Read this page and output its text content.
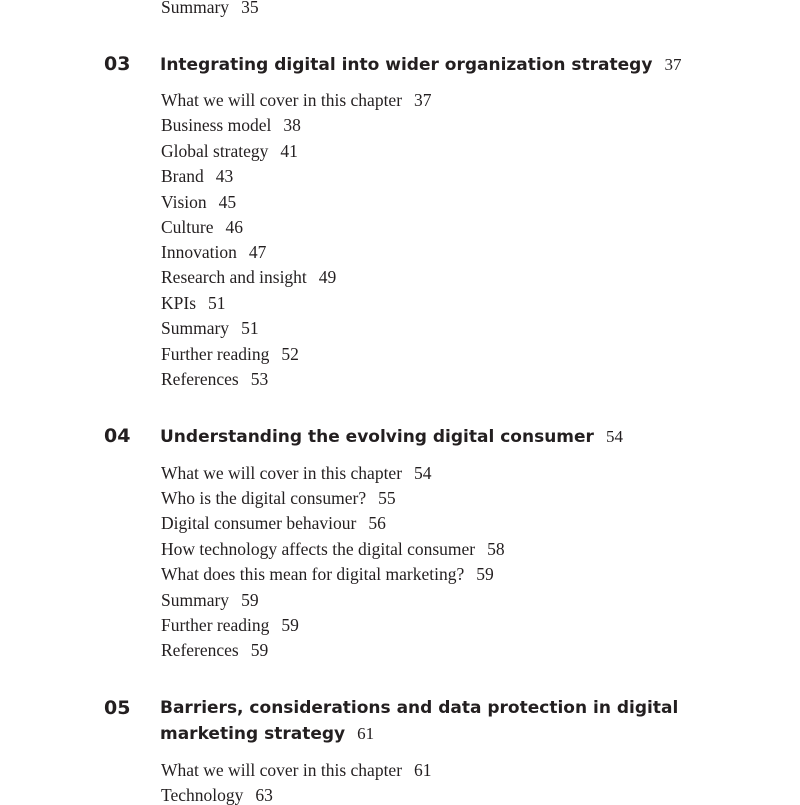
Summary 35
03 Integrating digital into wider organization strategy 37
What we will cover in this chapter 37
Business model 38
Global strategy 41
Brand 43
Vision 45
Culture 46
Innovation 47
Research and insight 49
KPIs 51
Summary 51
Further reading 52
References 53
04 Understanding the evolving digital consumer 54
What we will cover in this chapter 54
Who is the digital consumer? 55
Digital consumer behaviour 56
How technology affects the digital consumer 58
What does this mean for digital marketing? 59
Summary 59
Further reading 59
References 59
05 Barriers, considerations and data protection in digital marketing strategy 61
What we will cover in this chapter 61
Technology 63
